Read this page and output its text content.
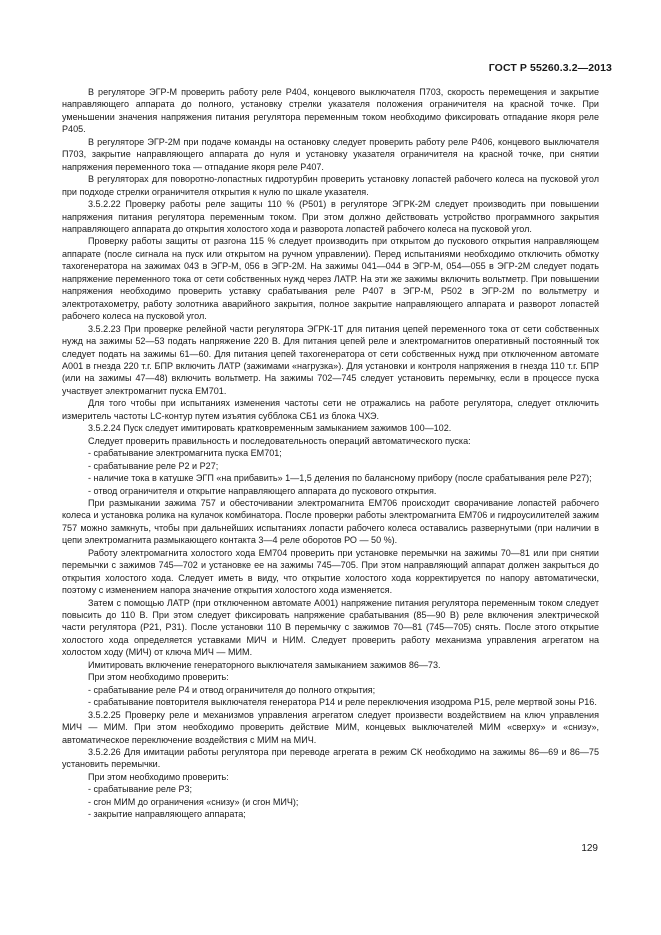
ГОСТ Р 55260.3.2—2013

В регуляторе ЭГР-М проверить работу реле Р404, концевого выключателя П703, скорость перемещения и закрытие направляющего аппарата до полного, установку стрелки указателя положения ограничителя на красной точке. При уменьшении значения напряжения питания регулятора переменным током необходимо фиксировать отпадание якоря реле Р405.

В регуляторе ЭГР-2М при подаче команды на остановку следует проверить работу реле Р406, концевого выключателя П703, закрытие направляющего аппарата до нуля и установку указателя ограничителя на красной точке, при снятии напряжения переменного тока — отпадание якоря реле Р407.

В регуляторах для поворотно-лопастных гидротурбин проверить установку лопастей рабочего колеса на пусковой угол при подходе стрелки ограничителя открытия к нулю по шкале указателя.

3.5.2.22 Проверку работы реле защиты 110 % (Р501) в регуляторе ЭГРК-2М следует производить при повышении напряжения питания регулятора переменным током. При этом должно действовать устройство программного закрытия направляющего аппарата до открытия холостого хода и разворота лопастей рабочего колеса на пусковой угол.

Проверку работы защиты от разгона 115 % следует производить при открытом до пускового открытия направляющем аппарате (после сигнала на пуск или открытом на ручном управлении). Перед испытаниями необходимо отключить обмотку тахогенератора на зажимах 043 в ЭГР-М, 056 в ЭГР-2М. На зажимы 041—044 в ЭГР-М, 054—055 в ЭГР-2М следует подать напряжение переменного тока от сети собственных нужд через ЛАТР. На эти же зажимы включить вольтметр. При повышении напряжения необходимо проверить уставку срабатывания реле Р407 в ЭГР-М, Р502 в ЭГР-2М по вольтметру и электротахометру, работу золотника аварийного закрытия, полное закрытие направляющего аппарата и разворот лопастей рабочего колеса на пусковой угол.

3.5.2.23 При проверке релейной части регулятора ЭГРК-1Т для питания цепей переменного тока от сети собственных нужд на зажимы 52—53 подать напряжение 220 В. Для питания цепей реле и электромагнитов оперативный постоянный ток следует подать на зажимы 61—60. Для питания цепей тахогенератора от сети собственных нужд при отключенном автомате А001 в гнезда 220 т.г. БПР включить ЛАТР (зажимами «нагрузка»). Для установки и контроля напряжения в гнезда 110 т.г. БПР (или на зажимы 47—48) включить вольтметр. На зажимы 702—745 следует установить перемычку, если в процессе пуска участвует электромагнит пуска ЕМ701.

Для того чтобы при испытаниях изменения частоты сети не отражались на работе регулятора, следует отключить измеритель частоты LC-контур путем изъятия субблока СБ1 из блока ЧХЭ.

3.5.2.24 Пуск следует имитировать кратковременным замыканием зажимов 100—102.

Следует проверить правильность и последовательность операций автоматического пуска:

- срабатывание электромагнита пуска ЕМ701;

- срабатывание реле Р2 и Р27;

- наличие тока в катушке ЭГП «на прибавить» 1—1,5 деления по балансному прибору (после срабатывания реле Р27);

- отвод ограничителя и открытие направляющего аппарата до пускового открытия.

При размыкании зажима 757 и обесточивании электромагнита ЕМ706 происходит сворачивание лопастей рабочего колеса и установка ролика на кулачок комбинатора. После проверки работы электромагнита ЕМ706 и гидроусилителей зажим 757 можно замкнуть, чтобы при дальнейших испытаниях лопасти рабочего колеса оставались развернутыми (при наличии в цепи электромагнита размыкающего контакта 3—4 реле оборотов РО — 50 %).

Работу электромагнита холостого хода ЕМ704 проверить при установке перемычки на зажимы 70—81 или при снятии перемычки с зажимов 745—702 и установке ее на зажимы 745—705. При этом направляющий аппарат должен закрыться до открытия холостого хода. Следует иметь в виду, что открытие холостого хода корректируется по напору автоматически, поэтому с изменением напора значение открытия холостого хода изменяется.

Затем с помощью ЛАТР (при отключенном автомате А001) напряжение питания регулятора переменным током следует повысить до 110 В. При этом следует фиксировать напряжение срабатывания (85—90 В) реле включения электрической части регулятора (Р21, Р31). После установки 110 В перемычку с зажимов 70—81 (745—705) снять. После этого открытие холостого хода определяется уставками МИЧ и НИМ. Следует проверить работу механизма управления агрегатом на холостом ходу (МИЧ) от ключа МИЧ — МИМ.

Имитировать включение генераторного выключателя замыканием зажимов 86—73.

При этом необходимо проверить:

- срабатывание реле Р4 и отвод ограничителя до полного открытия;

- срабатывание повторителя выключателя генератора Р14 и реле переключения изодрома Р15, реле мертвой зоны Р16.

3.5.2.25 Проверку реле и механизмов управления агрегатом следует произвести воздействием на ключ управления МИЧ — МИМ. При этом необходимо проверить действие МИМ, концевых выключателей МИМ «сверху» и «снизу», автоматическое переключение воздействия с МИМ на МИЧ.

3.5.2.26 Для имитации работы регулятора при переводе агрегата в режим СК необходимо на зажимы 86—69 и 86—75 установить перемычки.

При этом необходимо проверить:

- срабатывание реле Р3;

- сгон МИМ до ограничения «снизу» (и сгон МИЧ);

- закрытие направляющего аппарата;

129
